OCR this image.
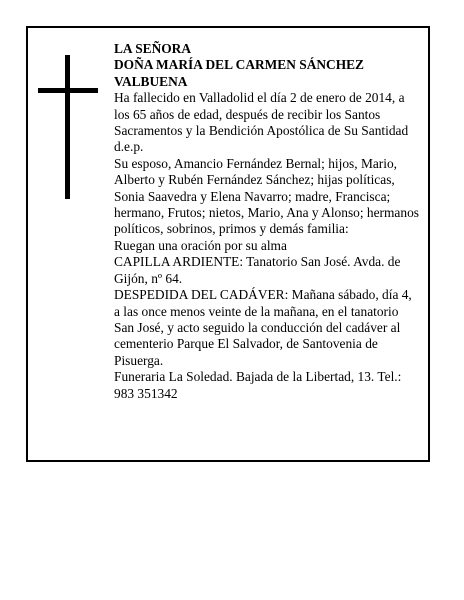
LA SEÑORA

DOÑA MARÍA DEL CARMEN SÁNCHEZ VALBUENA

Ha fallecido en Valladolid el día 2 de enero de 2014, a los 65 años de edad, después de recibir los Santos Sacramentos y la Bendición Apostólica de Su Santidad d.e.p.

Su esposo, Amancio Fernández Bernal; hijos, Mario, Alberto y Rubén Fernández Sánchez; hijas políticas, Sonia Saavedra y Elena Navarro; madre, Francisca; hermano, Frutos; nietos, Mario, Ana y Alonso; hermanos políticos, sobrinos, primos y demás familia:

Ruegan una oración por su alma

CAPILLA ARDIENTE: Tanatorio San José. Avda. de Gijón, nº 64.

DESPEDIDA DEL CADÁVER: Mañana sábado, día 4, a las once menos veinte de la mañana, en el tanatorio San José, y acto seguido la conducción del cadáver al cementerio Parque El Salvador, de Santovenia de Pisuerga.

Funeraria La Soledad. Bajada de la Libertad, 13. Tel.: 983 351342
